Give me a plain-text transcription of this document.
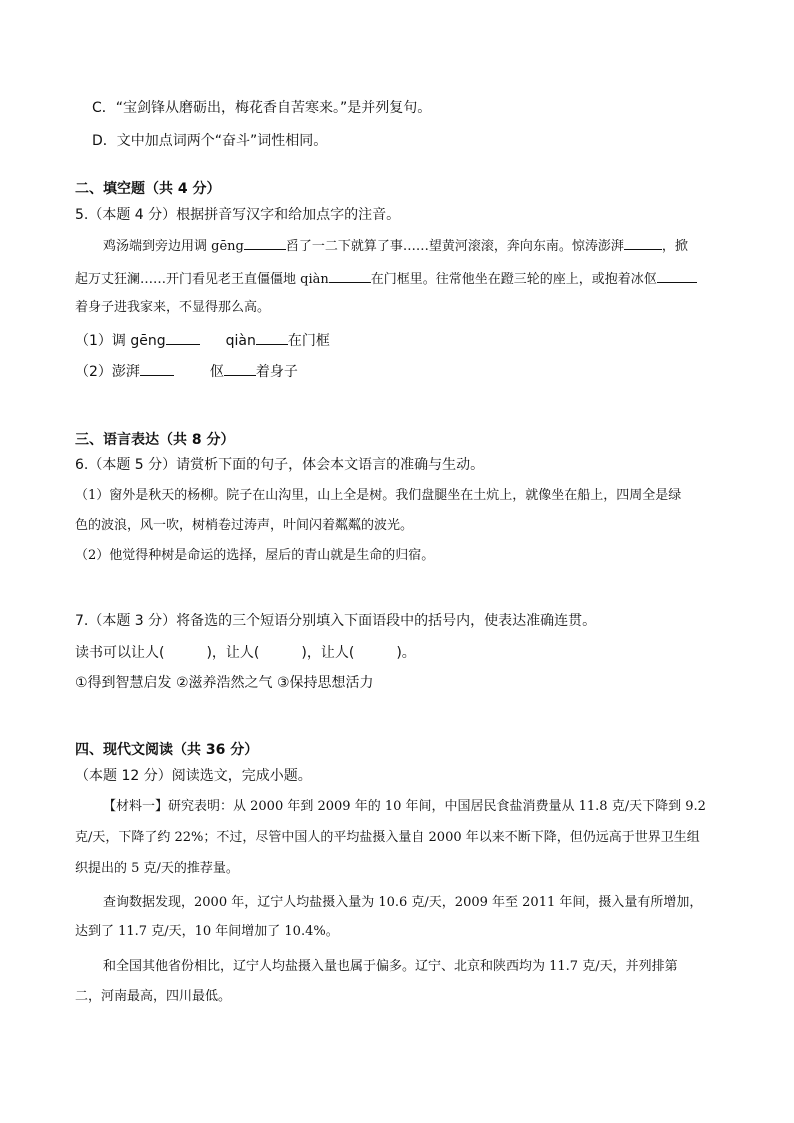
C．“宝剑锋从磨砺出，梅花香自苦寒来。”是并列复句。
D．文中加点词两个“奋斗”词性相同。
二、填空题（共 4 分）
5.（本题 4 分）根据拼音写汉字和给加点字的注音。
鸡汤端到旁边用调 gēng	舀了一二下就算了事……望黄河滚滚，奔向东南。惊涛澎湃	，掀
起万丈狂澜……开门看见老王直僵僵地 qiàn	在门框里。往常他坐在蹬三轮的座上，或抱着冰伛
着身子进我家来，不显得那么高。
（1）调 gēng	qiàn 在门框
（2）澎湃	伛 着身子
三、语言表达（共 8 分）
6.（本题 5 分）请赏析下面的句子，体会本文语言的准确与生动。
（1）窗外是秋天的杨柳。院子在山沟里，山上全是树。我们盘腿坐在土炕上，就像坐在船上，四周全是绿
色的波浪，风一吹，树梢卷过涛声，叶间闪着粼粼的波光。
（2）他觉得种树是命运的选择，屋后的青山就是生命的归宿。
7.（本题 3 分）将备选的三个短语分别填入下面语段中的括号内，使表达准确连贯。
读书可以让人(	)，让人(	)，让人(	)。
①得到智慧启发 ②滋养浩然之气 ③保持思想活力
四、现代文阅读（共 36 分）
（本题 12 分）阅读选文，完成小题。
【材料一】研究表明：从 2000 年到 2009 年的 10 年间，中国居民食盐消费量从 11.8 克/天下降到 9.2
克/天，下降了约 22%；不过，尽管中国人的平均盐摄入量自 2000 年以来不断下降，但仍远高于世界卫生组
织提出的 5 克/天的推荐量。
查询数据发现，2000 年，辽宁人均盐摄入量为 10.6 克/天，2009 年至 2011 年间，摄入量有所增加，
达到了 11.7 克/天，10 年间增加了 10.4%。
和全国其他省份相比，辽宁人均盐摄入量也属于偏多。辽宁、北京和陕西均为 11.7 克/天，并列排第
二，河南最高，四川最低。
